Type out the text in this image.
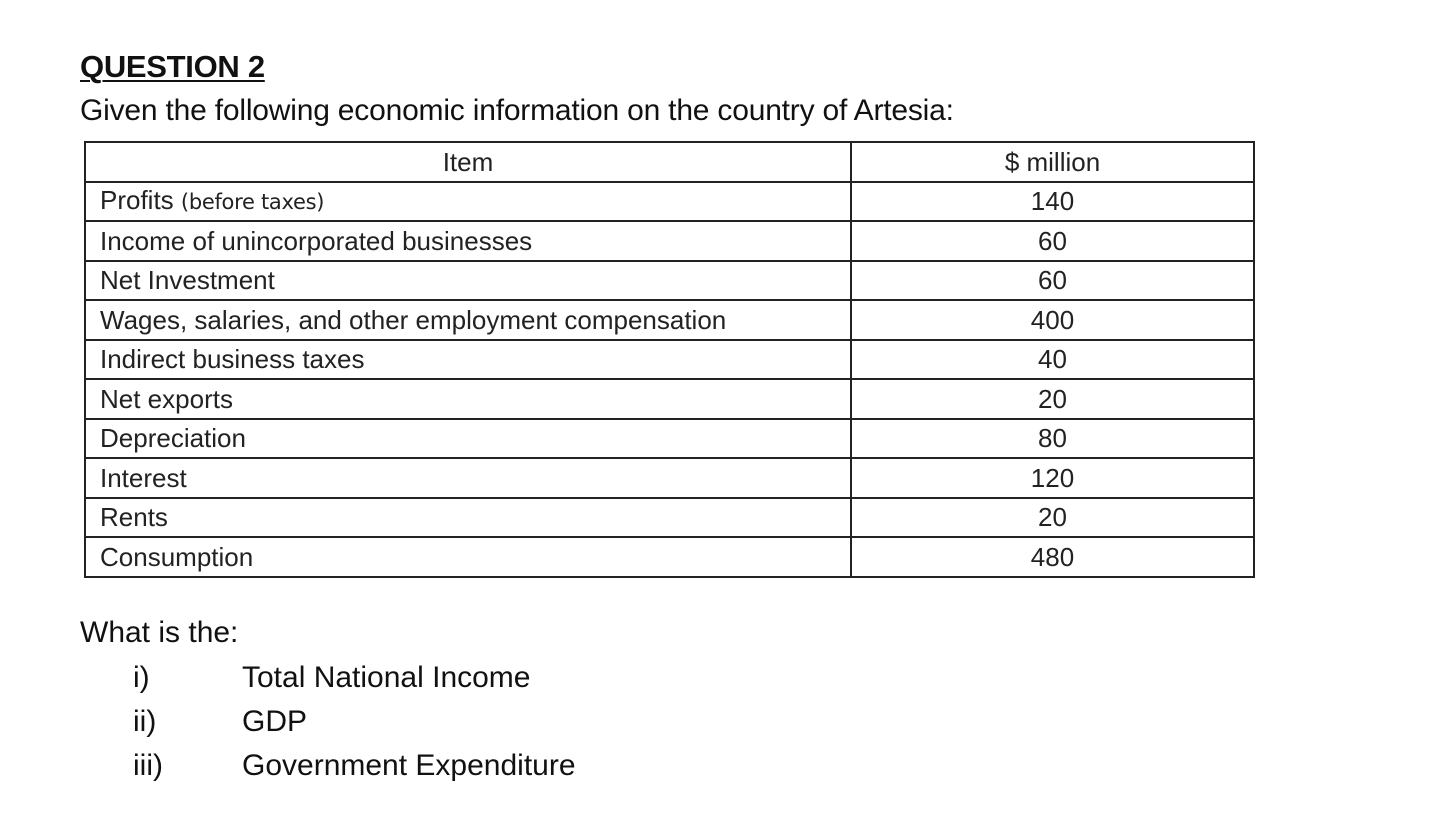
QUESTION 2

Given the following economic information on the country of Artesia:

Item	$ million
Profits (before taxes)	140
Income of unincorporated businesses	60
Net Investment	60
Wages, salaries, and other employment compensation	400
Indirect business taxes	40
Net exports	20
Depreciation	80
Interest	120
Rents	20
Consumption	480

What is the:

i)	Total National Income
ii)	GDP
iii)	Government Expenditure
